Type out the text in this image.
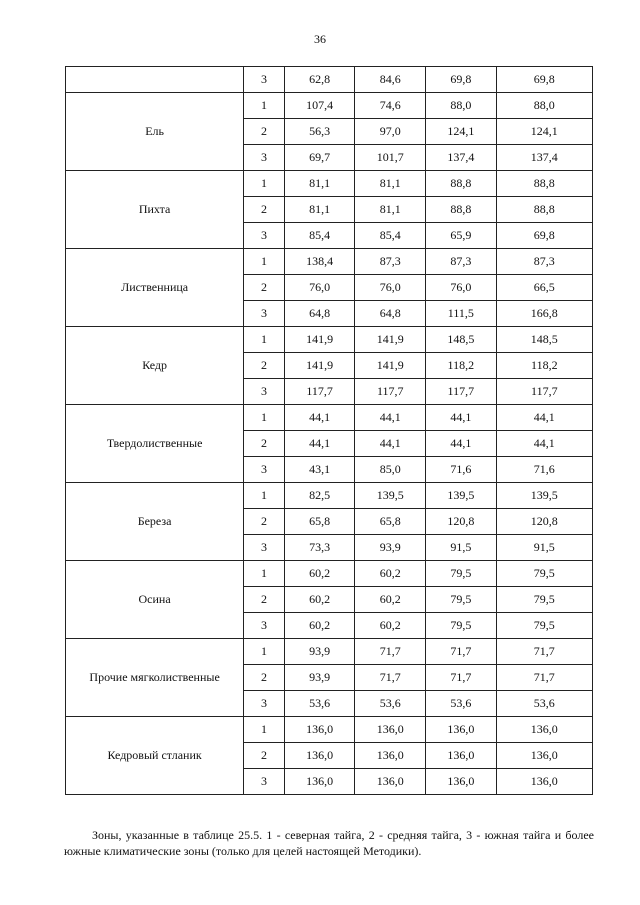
36
	3	62,8	84,6	69,8	69,8
Ель	1	107,4	74,6	88,0	88,0
	2	56,3	97,0	124,1	124,1
	3	69,7	101,7	137,4	137,4
Пихта	1	81,1	81,1	88,8	88,8
	2	81,1	81,1	88,8	88,8
	3	85,4	85,4	65,9	69,8
Лиственница	1	138,4	87,3	87,3	87,3
	2	76,0	76,0	76,0	66,5
	3	64,8	64,8	111,5	166,8
Кедр	1	141,9	141,9	148,5	148,5
	2	141,9	141,9	118,2	118,2
	3	117,7	117,7	117,7	117,7
Твердолиственные	1	44,1	44,1	44,1	44,1
	2	44,1	44,1	44,1	44,1
	3	43,1	85,0	71,6	71,6
Береза	1	82,5	139,5	139,5	139,5
	2	65,8	65,8	120,8	120,8
	3	73,3	93,9	91,5	91,5
Осина	1	60,2	60,2	79,5	79,5
	2	60,2	60,2	79,5	79,5
	3	60,2	60,2	79,5	79,5
Прочие мягколиственные	1	93,9	71,7	71,7	71,7
	2	93,9	71,7	71,7	71,7
	3	53,6	53,6	53,6	53,6
Кедровый стланик	1	136,0	136,0	136,0	136,0
	2	136,0	136,0	136,0	136,0
	3	136,0	136,0	136,0	136,0

Зоны, указанные в таблице 25.5. 1 - северная тайга, 2 - средняя тайга, 3 - южная тайга и более южные климатические зоны (только для целей настоящей Методики).
